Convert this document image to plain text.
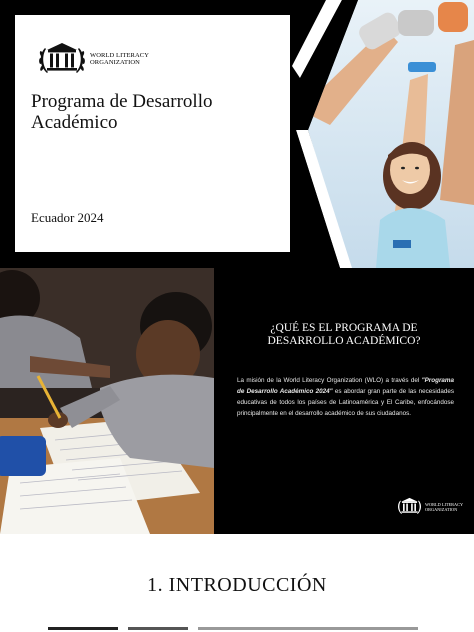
WORLD LITERACY
ORGANIZATION
Programa de Desarrollo Académico
Ecuador 2024
¿QUÉ ES EL PROGRAMA DE DESARROLLO ACADÉMICO?

La misión de la World Literacy Organization (WLO) a través del "Programa de Desarrollo Académico 2024" es abordar gran parte de las necesidades educativas de todos los países de Latinoamérica y El Caribe, enfocándose principalmente en el desarrollo académico de sus ciudadanos.

WORLD LITERACY
ORGANIZATION
1. INTRODUCCIÓN
